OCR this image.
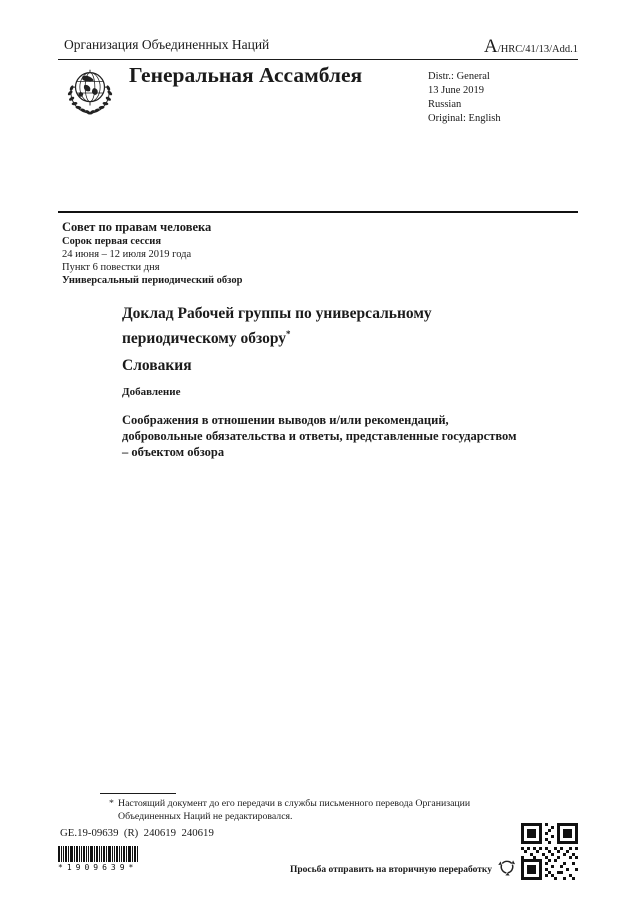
Организация Объединенных Наций	A/HRC/41/13/Add.1
Генеральная Ассамблея	Distr.: General
13 June 2019
Russian
Original: English
Совет по правам человека
Сорок первая сессия
24 июня – 12 июля 2019 года
Пункт 6 повестки дня
Универсальный периодический обзор
Доклад Рабочей группы по универсальному периодическому обзору*
Словакия
Добавление
Соображения в отношении выводов и/или рекомендаций, добровольные обязательства и ответы, представленные государством – объектом обзора
* Настоящий документ до его передачи в службы письменного перевода Организации Объединенных Наций не редактировался.
GE.19-09639  (R)  240619  240619
*1909639*	Просьба отправить на вторичную переработку
